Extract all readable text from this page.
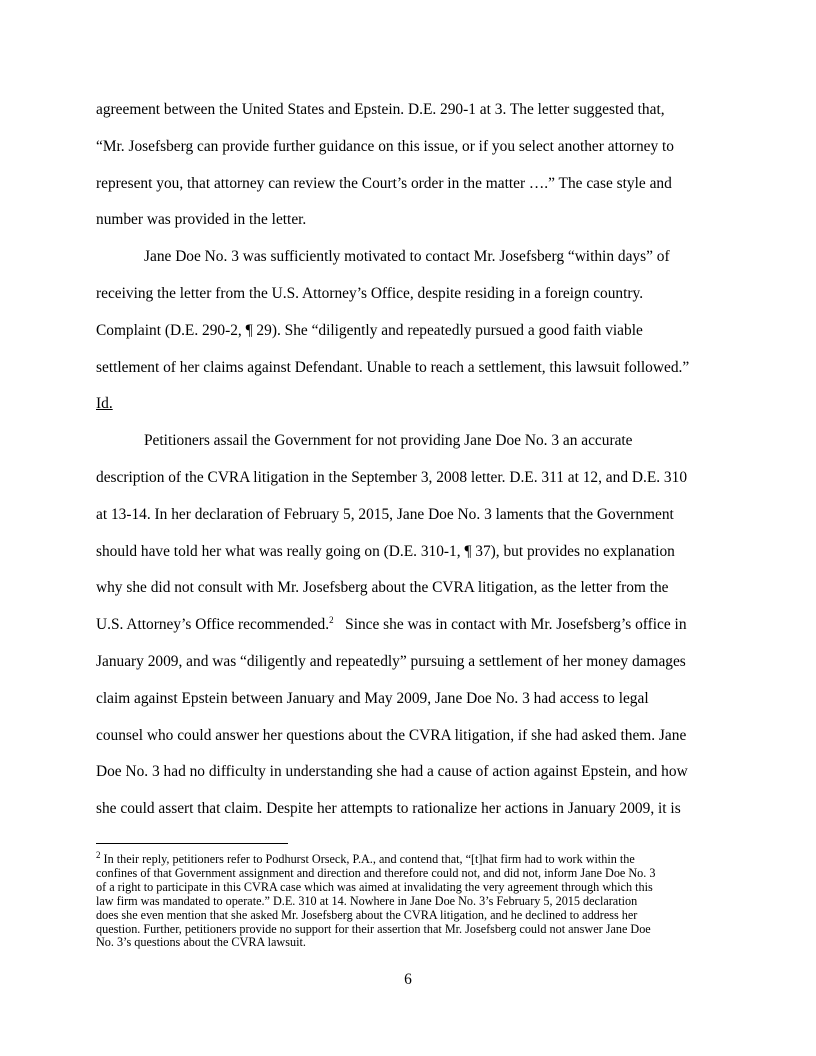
agreement between the United States and Epstein. D.E. 290-1 at 3. The letter suggested that,
“Mr. Josefsberg can provide further guidance on this issue, or if you select another attorney to
represent you, that attorney can review the Court’s order in the matter ….” The case style and
number was provided in the letter.

Jane Doe No. 3 was sufficiently motivated to contact Mr. Josefsberg “within days” of
receiving the letter from the U.S. Attorney’s Office, despite residing in a foreign country.
Complaint (D.E. 290-2, ¶ 29). She “diligently and repeatedly pursued a good faith viable
settlement of her claims against Defendant. Unable to reach a settlement, this lawsuit followed.”
Id.

Petitioners assail the Government for not providing Jane Doe No. 3 an accurate
description of the CVRA litigation in the September 3, 2008 letter. D.E. 311 at 12, and D.E. 310
at 13-14. In her declaration of February 5, 2015, Jane Doe No. 3 laments that the Government
should have told her what was really going on (D.E. 310-1, ¶ 37), but provides no explanation
why she did not consult with Mr. Josefsberg about the CVRA litigation, as the letter from the
U.S. Attorney’s Office recommended.$^2$   Since she was in contact with Mr. Josefsberg’s office in
January 2009, and was “diligently and repeatedly” pursuing a settlement of her money damages
claim against Epstein between January and May 2009, Jane Doe No. 3 had access to legal
counsel who could answer her questions about the CVRA litigation, if she had asked them. Jane
Doe No. 3 had no difficulty in understanding she had a cause of action against Epstein, and how
she could assert that claim. Despite her attempts to rationalize her actions in January 2009, it is

$^2$ In their reply, petitioners refer to Podhurst Orseck, P.A., and contend that, “[t]hat firm had to work within the
confines of that Government assignment and direction and therefore could not, and did not, inform Jane Doe No. 3
of a right to participate in this CVRA case which was aimed at invalidating the very agreement through which this
law firm was mandated to operate.” D.E. 310 at 14. Nowhere in Jane Doe No. 3’s February 5, 2015 declaration
does she even mention that she asked Mr. Josefsberg about the CVRA litigation, and he declined to address her
question. Further, petitioners provide no support for their assertion that Mr. Josefsberg could not answer Jane Doe
No. 3’s questions about the CVRA lawsuit.
6
